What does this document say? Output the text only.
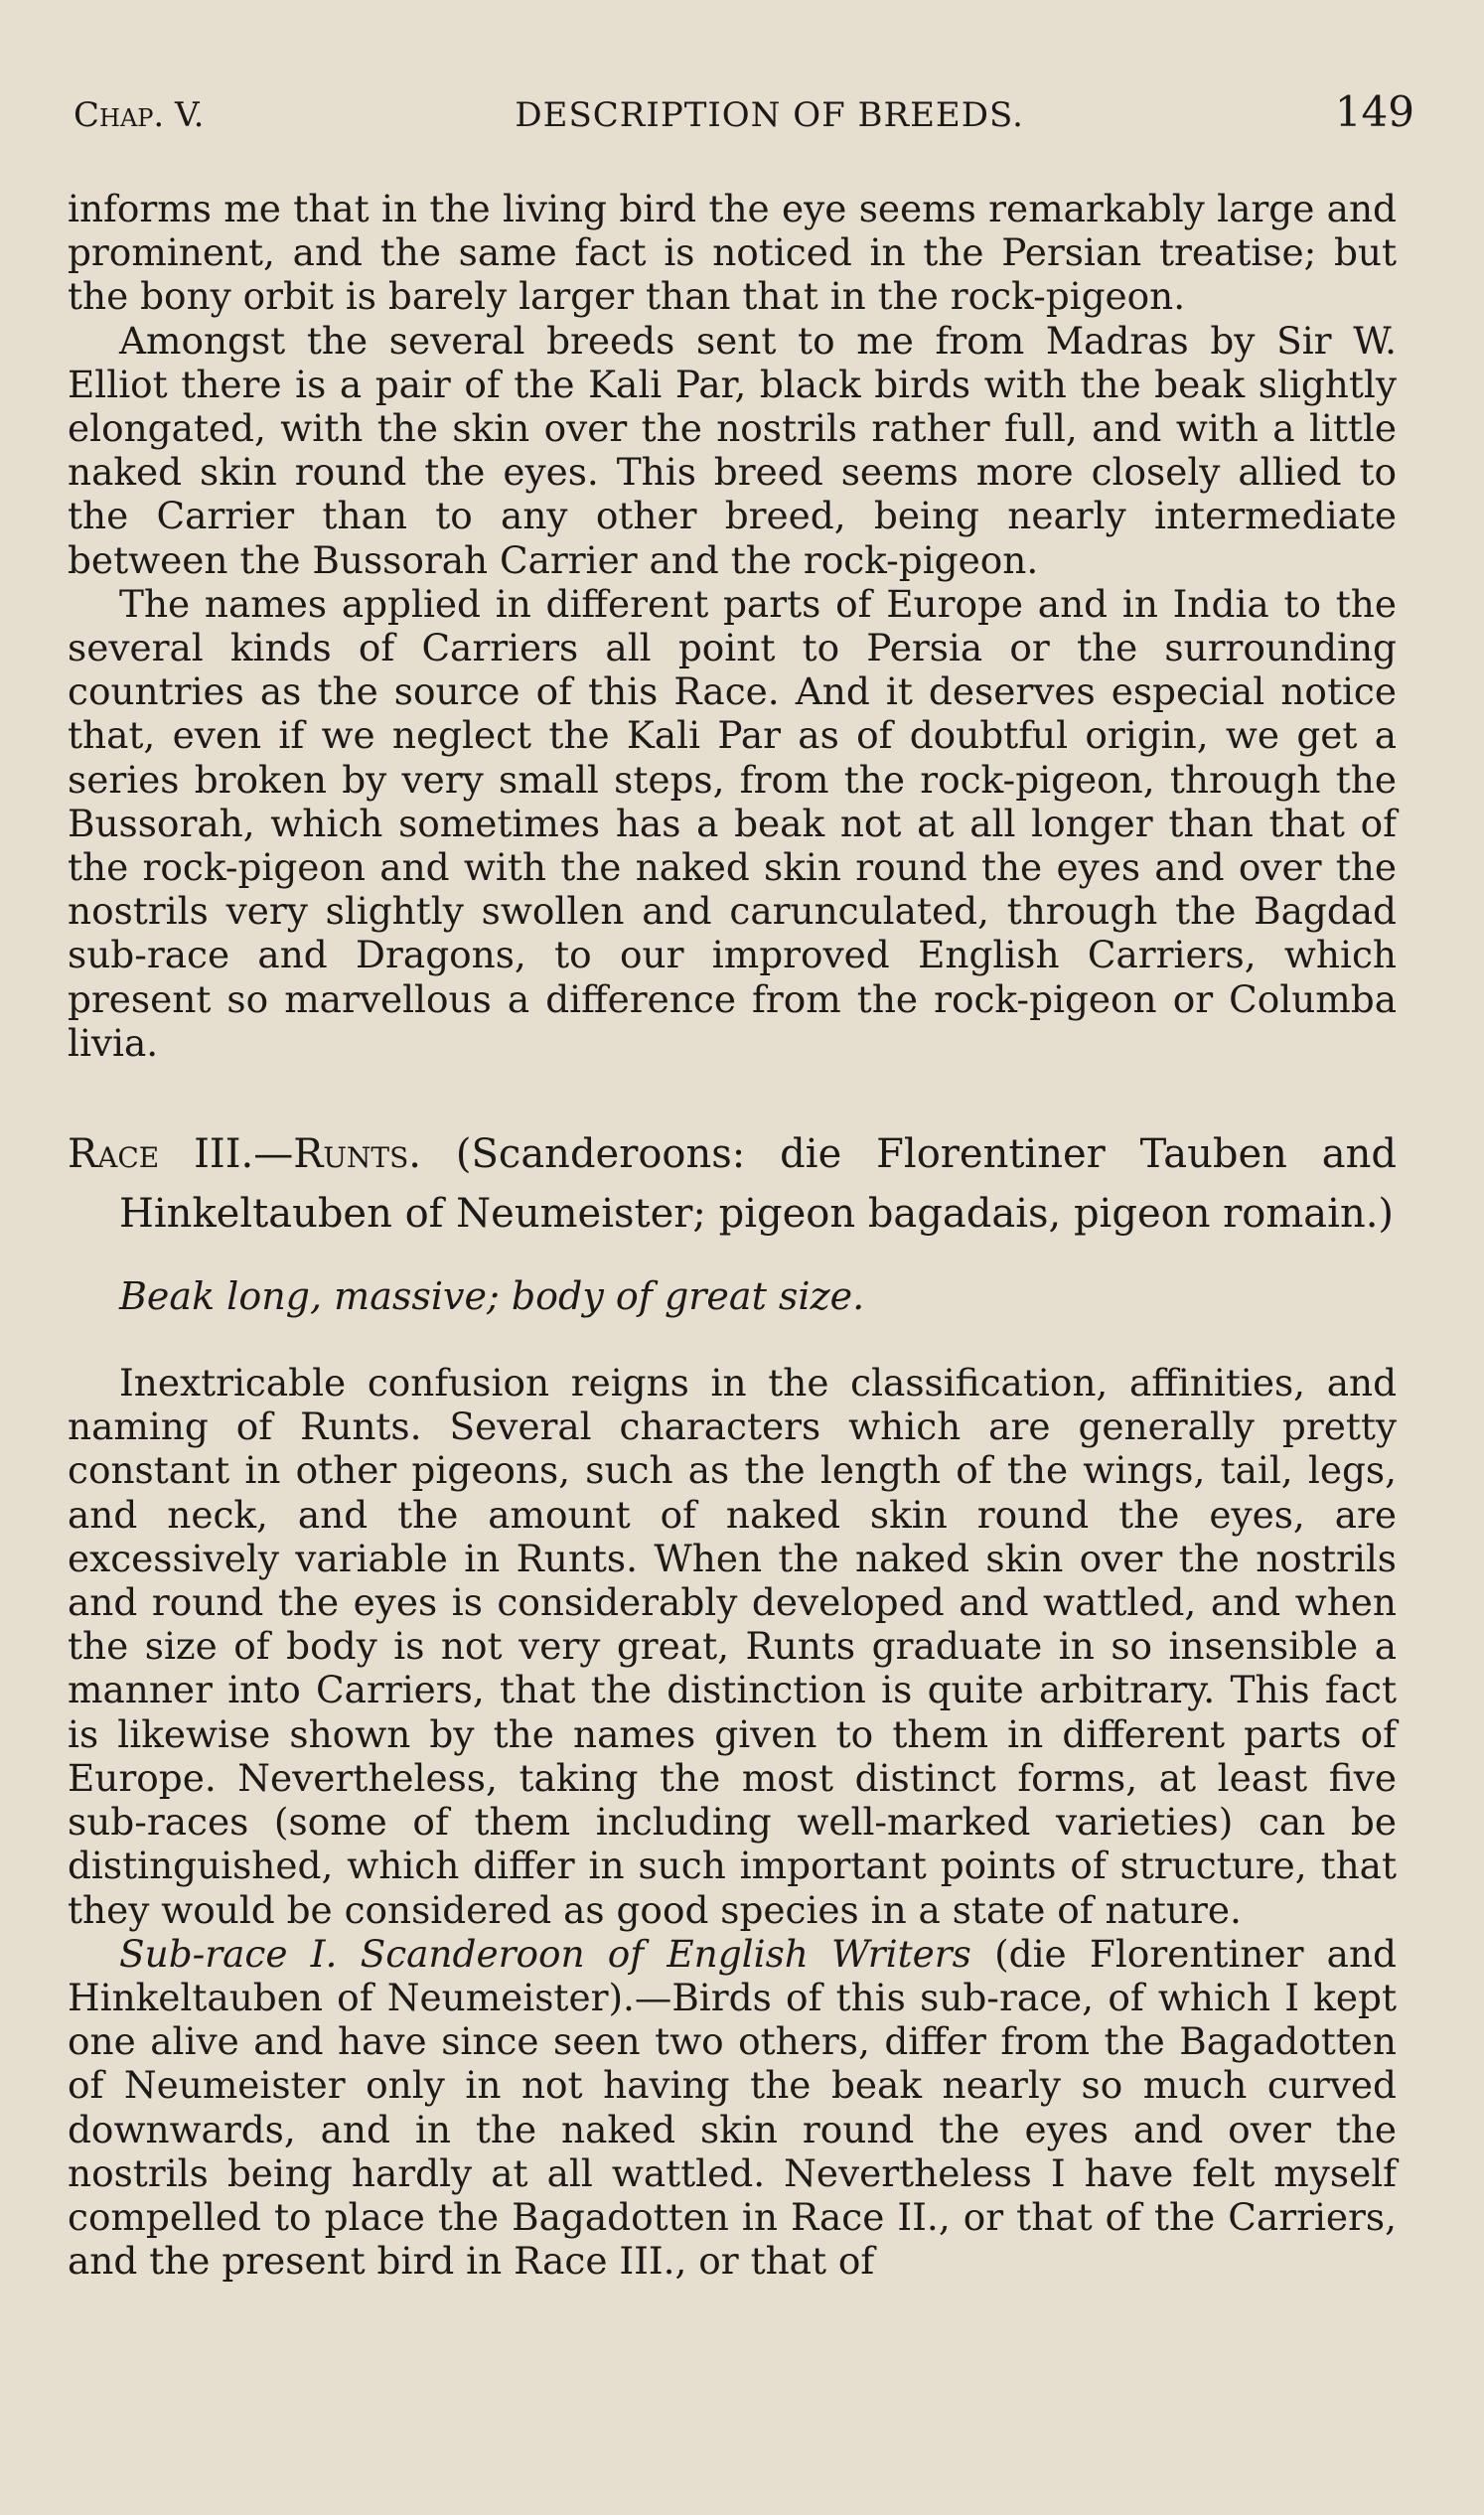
Chap. V.	DESCRIPTION OF BREEDS.	149

informs me that in the living bird the eye seems remarkably large and prominent, and the same fact is noticed in the Persian treatise; but the bony orbit is barely larger than that in the rock-pigeon.

Amongst the several breeds sent to me from Madras by Sir W. Elliot there is a pair of the Kali Par, black birds with the beak slightly elongated, with the skin over the nostrils rather full, and with a little naked skin round the eyes. This breed seems more closely allied to the Carrier than to any other breed, being nearly intermediate between the Bussorah Carrier and the rock-pigeon.

The names applied in different parts of Europe and in India to the several kinds of Carriers all point to Persia or the surrounding countries as the source of this Race. And it deserves especial notice that, even if we neglect the Kali Par as of doubtful origin, we get a series broken by very small steps, from the rock-pigeon, through the Bussorah, which sometimes has a beak not at all longer than that of the rock-pigeon and with the naked skin round the eyes and over the nostrils very slightly swollen and carunculated, through the Bagdad sub-race and Dragons, to our improved English Carriers, which present so marvellous a difference from the rock-pigeon or Columba livia.

Race III.—Runts. (Scanderoons: die Florentiner Tauben and Hinkeltauben of Neumeister; pigeon bagadais, pigeon romain.)

Beak long, massive; body of great size.

Inextricable confusion reigns in the classification, affinities, and naming of Runts. Several characters which are generally pretty constant in other pigeons, such as the length of the wings, tail, legs, and neck, and the amount of naked skin round the eyes, are excessively variable in Runts. When the naked skin over the nostrils and round the eyes is considerably developed and wattled, and when the size of body is not very great, Runts graduate in so insensible a manner into Carriers, that the distinction is quite arbitrary. This fact is likewise shown by the names given to them in different parts of Europe. Nevertheless, taking the most distinct forms, at least five sub-races (some of them including well-marked varieties) can be distinguished, which differ in such important points of structure, that they would be considered as good species in a state of nature.

Sub-race I. Scanderoon of English Writers (die Florentiner and Hinkeltauben of Neumeister).—Birds of this sub-race, of which I kept one alive and have since seen two others, differ from the Bagadotten of Neumeister only in not having the beak nearly so much curved downwards, and in the naked skin round the eyes and over the nostrils being hardly at all wattled. Nevertheless I have felt myself compelled to place the Bagadotten in Race II., or that of the Carriers, and the present bird in Race III., or that of
